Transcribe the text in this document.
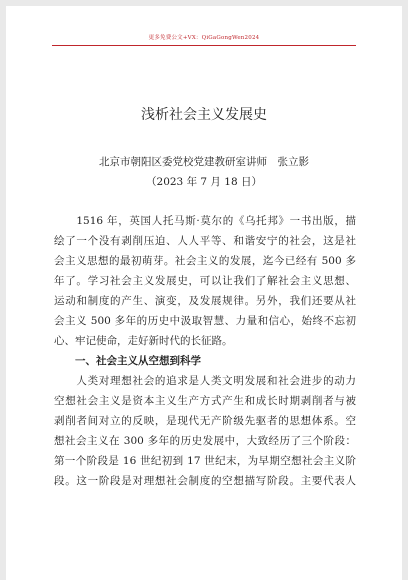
更多免费公文+VX：QiGaGongWen2024
浅析社会主义发展史
北京市朝阳区委党校党建教研室讲师　张立影
（2023 年 7 月 18 日）
　　1516 年，英国人托马斯·莫尔的《乌托邦》一书出版，描
绘了一个没有剥削压迫、人人平等、和谐安宁的社会，这是社
会主义思想的最初萌芽。社会主义的发展，迄今已经有 500 多
年了。学习社会主义发展史，可以让我们了解社会主义思想、
运动和制度的产生、演变，及发展规律。另外，我们还要从社
会主义 500 多年的历史中汲取智慧、力量和信心，始终不忘初
心、牢记使命，走好新时代的长征路。
一、社会主义从空想到科学
　　人类对理想社会的追求是人类文明发展和社会进步的动力
空想社会主义是资本主义生产方式产生和成长时期剥削者与被
剥削者间对立的反映，是现代无产阶级先驱者的思想体系。空
想社会主义在 300 多年的历史发展中，大致经历了三个阶段：
第一个阶段是 16 世纪初到 17 世纪末，为早期空想社会主义阶
段。这一阶段是对理想社会制度的空想描写阶段。主要代表人
